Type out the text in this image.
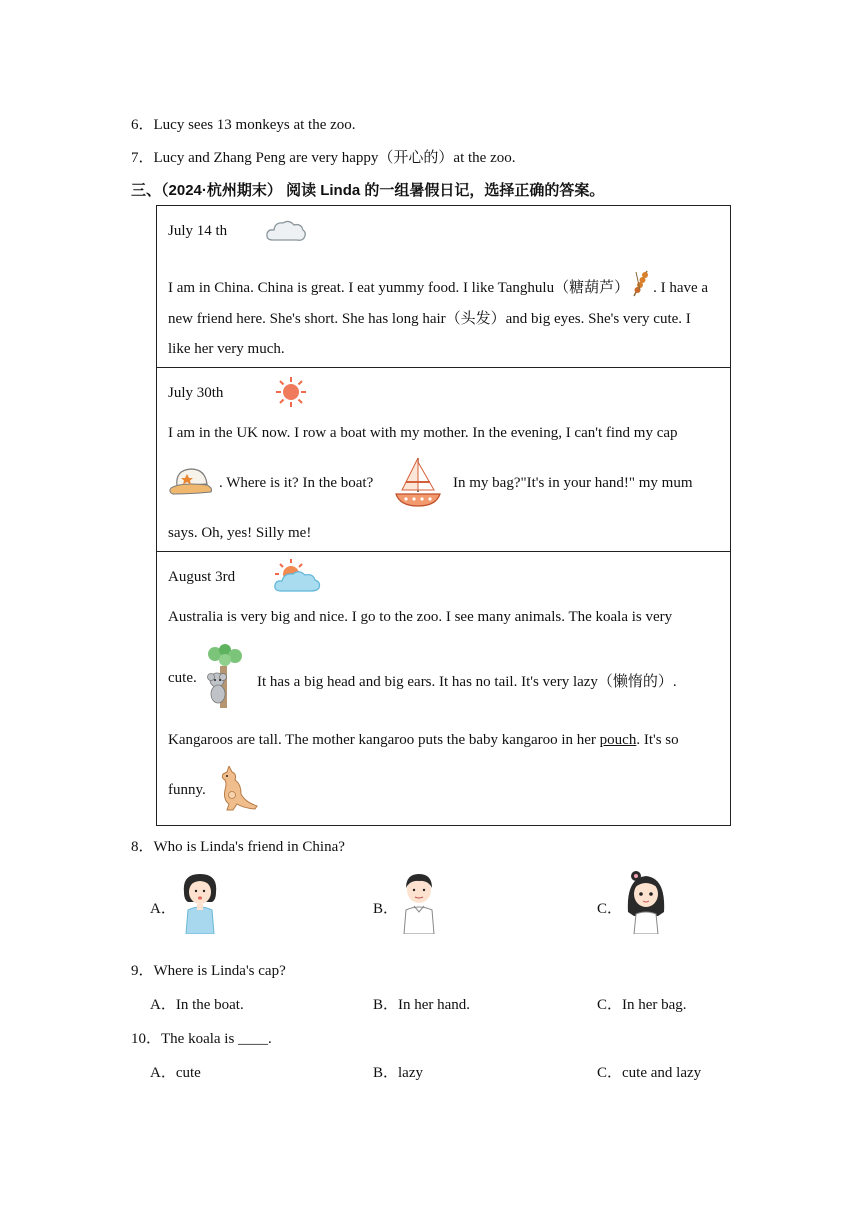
6．Lucy sees 13 monkeys at the zoo.
7．Lucy and Zhang Peng are very happy（开心的）at the zoo.
三、（2024·杭州期末） 阅读 Linda 的一组暑假日记，选择正确的答案。
July 14 th
I am in China. China is great. I eat yummy food. I like Tanghulu（糖葫芦） . I have a
new friend here. She's short. She has long hair（头发）and big eyes. She's very cute. I
like her very much.
July 30th
I am in the UK now. I row a boat with my mother. In the evening, I can't find my cap
. Where is it? In the boat?	In my bag?"It's in your hand!" my mum
says. Oh, yes! Silly me!
August 3rd
Australia is very big and nice. I go to the zoo. I see many animals. The koala is very
cute.	It has a big head and big ears. It has no tail. It's very lazy（懒惰的）.
Kangaroos are tall. The mother kangaroo puts the baby kangaroo in her pouch. It's so
funny.
8．Who is Linda's friend in China?
A．	B．	C．
9．Where is Linda's cap?
A．In the boat.	B．In her hand.	C．In her bag.
10．The koala is ____.
A．cute	B．lazy	C．cute and lazy
